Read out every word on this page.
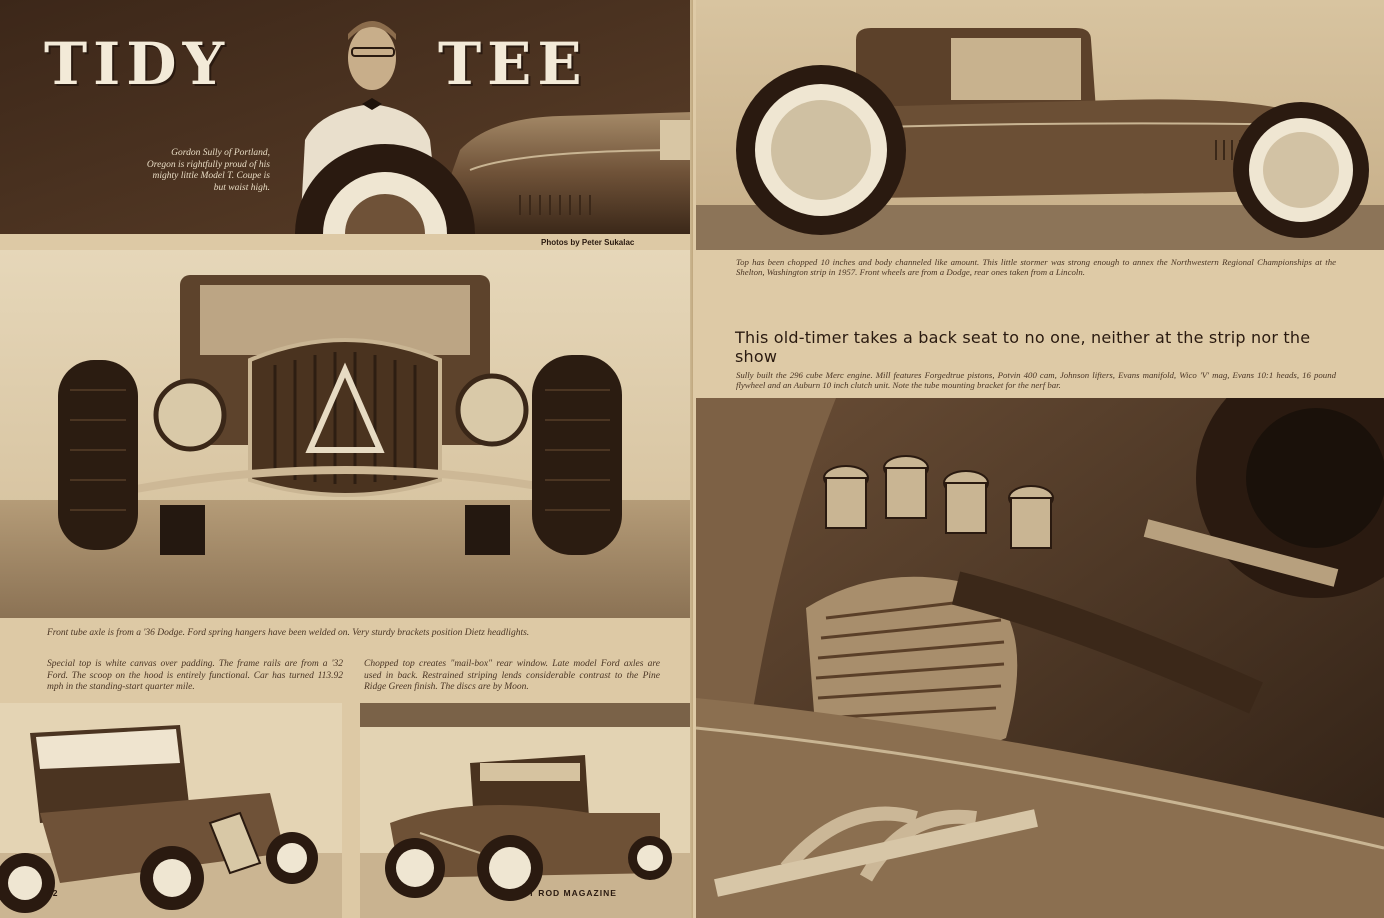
TIDY	TEE
Gordon Sully of Portland, Oregon is rightfully proud of his mighty little Model T. Coupe is but waist high.
Photos by Peter Sukalac
Front tube axle is from a '36 Dodge. Ford spring hangers have been welded on. Very sturdy brackets position Dietz headlights.
Special top is white canvas over padding. The frame rails are from a '32 Ford. The scoop on the hood is entirely functional. Car has turned 113.92 mph in the standing-start quarter mile.
Chopped top creates "mail-box" rear window. Late model Ford axles are used in back. Restrained striping lends considerable contrast to the Pine Ridge Green finish. The discs are by Moon.
42	HOT ROD MAGAZINE
Top has been chopped 10 inches and body channeled like amount. This little stormer was strong enough to annex the Northwestern Regional Championships at the Shelton, Washington strip in 1957. Front wheels are from a Dodge, rear ones taken from a Lincoln.
This old-timer takes a back seat to no one, neither at the strip nor the show
Sully built the 296 cube Merc engine. Mill features Forgedtrue pistons, Potvin 400 cam, Johnson lifters, Evans manifold, Wico 'V' mag, Evans 10:1 heads, 16 pound flywheel and an Auburn 10 inch clutch unit. Note the tube mounting bracket for the nerf bar.
